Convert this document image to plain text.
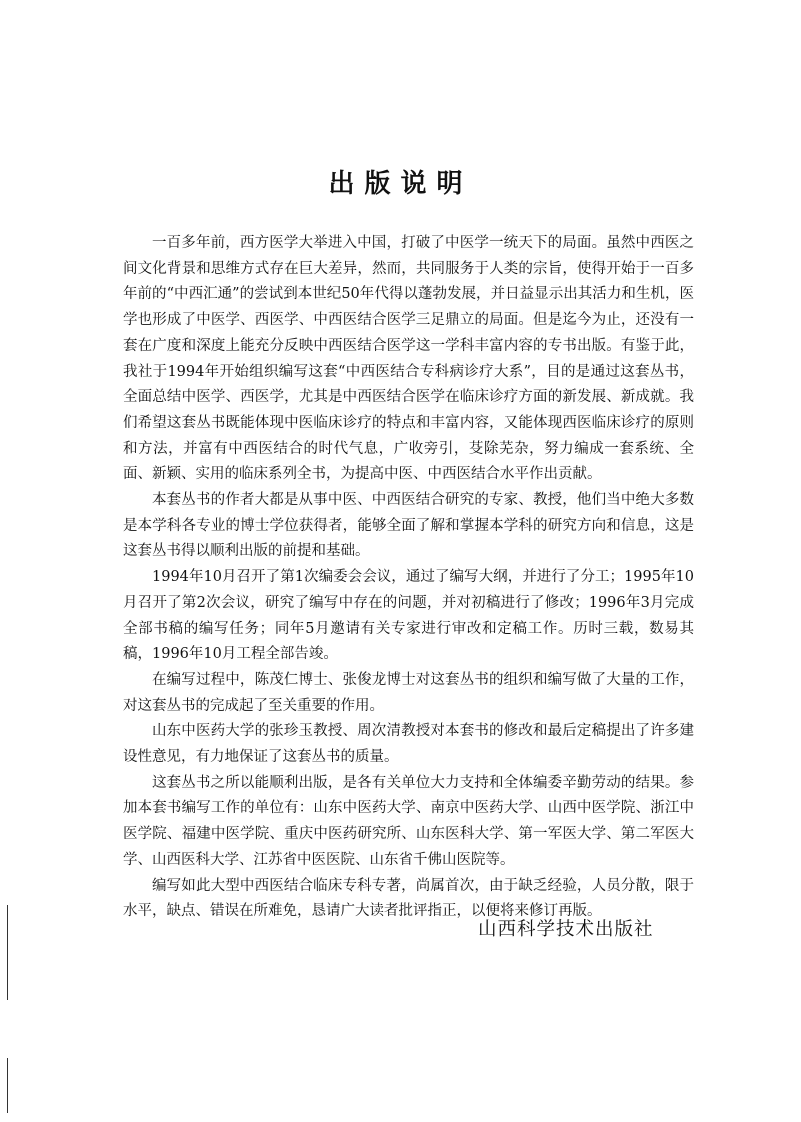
出版说明

一百多年前，西方医学大举进入中国，打破了中医学一统天下的局面。虽然中西医之间文化背景和思维方式存在巨大差异，然而，共同服务于人类的宗旨，使得开始于一百多年前的“中西汇通”的尝试到本世纪50年代得以蓬勃发展，并日益显示出其活力和生机，医学也形成了中医学、西医学、中西医结合医学三足鼎立的局面。但是迄今为止，还没有一套在广度和深度上能充分反映中西医结合医学这一学科丰富内容的专书出版。有鉴于此，我社于1994年开始组织编写这套“中西医结合专科病诊疗大系”，目的是通过这套丛书，全面总结中医学、西医学，尤其是中西医结合医学在临床诊疗方面的新发展、新成就。我们希望这套丛书既能体现中医临床诊疗的特点和丰富内容，又能体现西医临床诊疗的原则和方法，并富有中西医结合的时代气息，广收旁引，芟除芜杂，努力编成一套系统、全面、新颖、实用的临床系列全书，为提高中医、中西医结合水平作出贡献。

本套丛书的作者大都是从事中医、中西医结合研究的专家、教授，他们当中绝大多数是本学科各专业的博士学位获得者，能够全面了解和掌握本学科的研究方向和信息，这是这套丛书得以顺利出版的前提和基础。

1994年10月召开了第1次编委会会议，通过了编写大纲，并进行了分工；1995年10月召开了第2次会议，研究了编写中存在的问题，并对初稿进行了修改；1996年3月完成全部书稿的编写任务；同年5月邀请有关专家进行审改和定稿工作。历时三载，数易其稿，1996年10月工程全部告竣。

在编写过程中，陈茂仁博士、张俊龙博士对这套丛书的组织和编写做了大量的工作，对这套丛书的完成起了至关重要的作用。

山东中医药大学的张珍玉教授、周次清教授对本套书的修改和最后定稿提出了许多建设性意见，有力地保证了这套丛书的质量。

这套丛书之所以能顺利出版，是各有关单位大力支持和全体编委辛勤劳动的结果。参加本套书编写工作的单位有：山东中医药大学、南京中医药大学、山西中医学院、浙江中医学院、福建中医学院、重庆中医药研究所、山东医科大学、第一军医大学、第二军医大学、山西医科大学、江苏省中医医院、山东省千佛山医院等。

编写如此大型中西医结合临床专科专著，尚属首次，由于缺乏经验，人员分散，限于水平，缺点、错误在所难免，恳请广大读者批评指正，以便将来修订再版。

山西科学技术出版社
